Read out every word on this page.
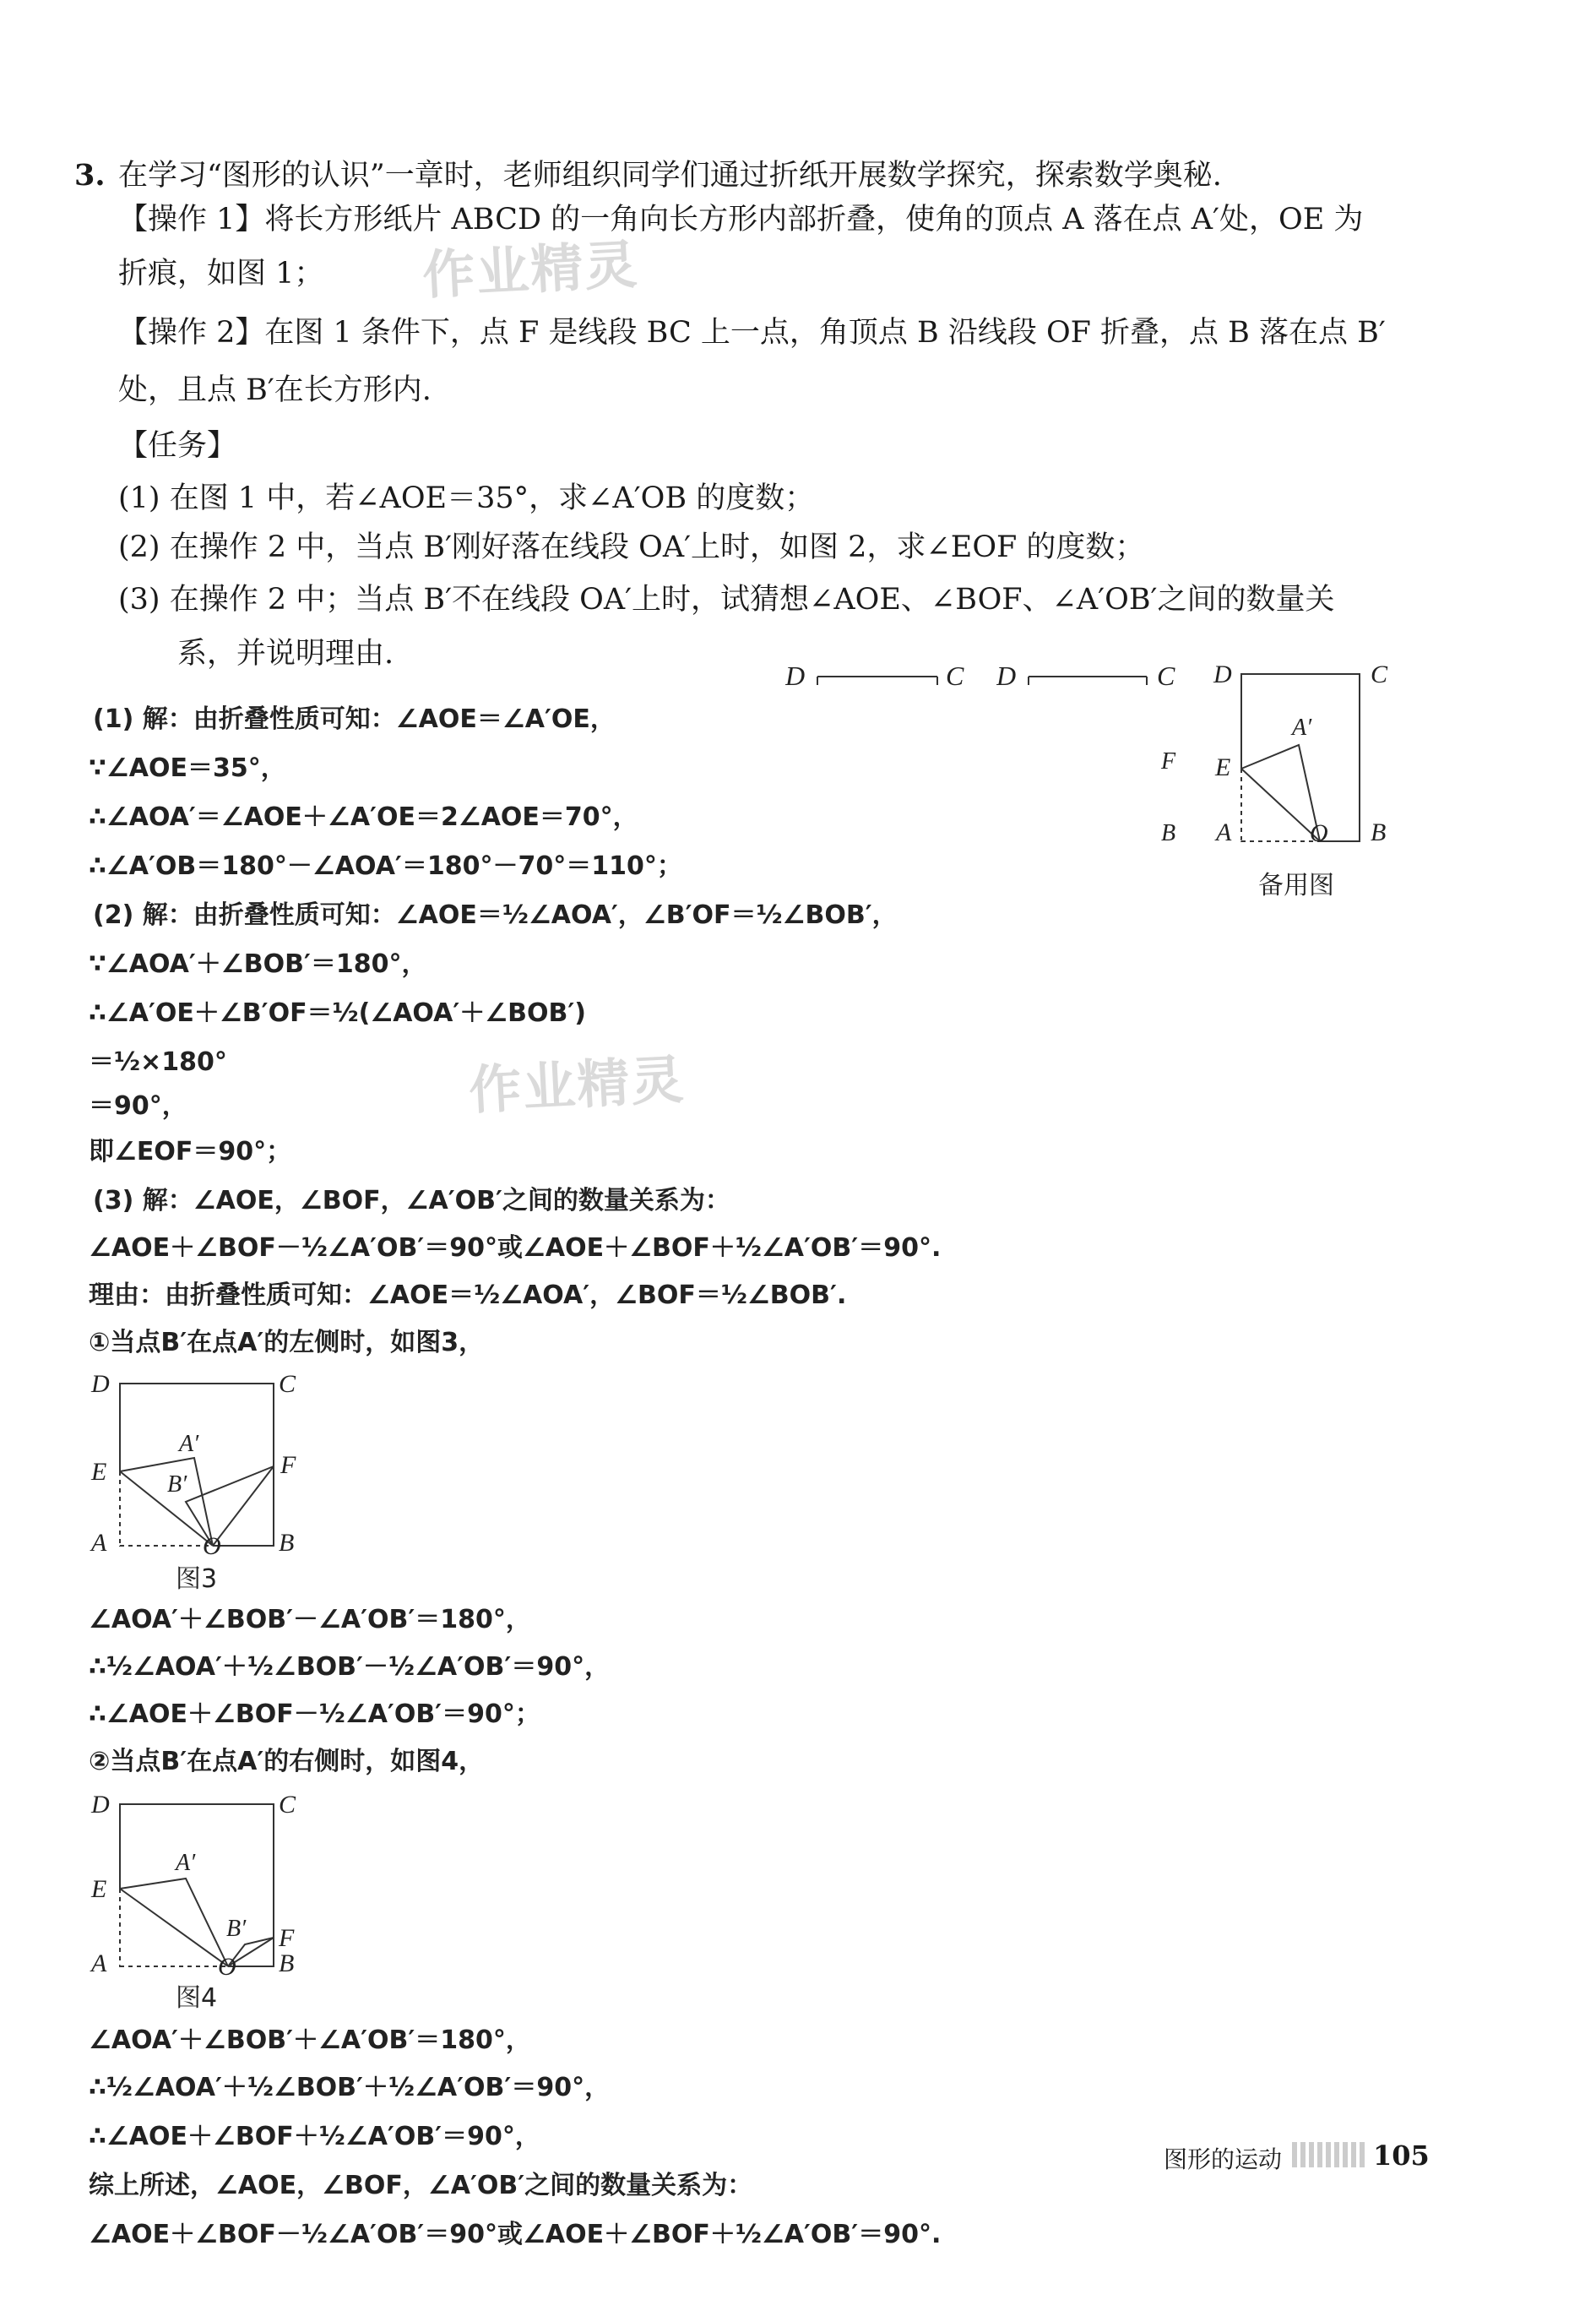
3. 在学习“图形的认识”一章时，老师组织同学们通过折纸开展数学探究，探索数学奥秘.
【操作 1】将长方形纸片 ABCD 的一角向长方形内部折叠，使角的顶点 A 落在点 A′处，OE 为
折痕，如图 1；
【操作 2】在图 1 条件下，点 F 是线段 BC 上一点，角顶点 B 沿线段 OF 折叠，点 B 落在点 B′
处，且点 B′在长方形内.
【任务】
(1) 在图 1 中，若∠AOE＝35°，求∠A′OB 的度数；
(2) 在操作 2 中，当点 B′刚好落在线段 OA′上时，如图 2，求∠EOF 的度数；
(3) 在操作 2 中；当点 B′不在线段 OA′上时，试猜想∠AOE、∠BOF、∠A′OB′之间的数量关
系，并说明理由.
作业精灵
作业精灵
D	C D	C D	C
A′
F E
B A	O B
备用图
(1) 解：由折叠性质可知：∠AOE＝∠A′OE，
∵∠AOE＝35°，
∴∠AOA′＝∠AOE＋∠A′OE＝2∠AOE＝70°，
∴∠A′OB＝180°－∠AOA′＝180°－70°＝110°；
(2) 解：由折叠性质可知：∠AOE＝½∠AOA′，∠B′OF＝½∠BOB′，
∵∠AOA′＋∠BOB′＝180°，
∴∠A′OE＋∠B′OF＝½(∠AOA′＋∠BOB′)
＝½×180°
＝90°，
即∠EOF＝90°；
(3) 解：∠AOE，∠BOF，∠A′OB′之间的数量关系为：
∠AOE＋∠BOF－½∠A′OB′＝90°或∠AOE＋∠BOF＋½∠A′OB′＝90°.
理由：由折叠性质可知：∠AOE＝½∠AOA′，∠BOF＝½∠BOB′.
①当点B′在点A′的左侧时，如图3，
D	C
A′
E	B′
F
A	O B
图3
∠AOA′＋∠BOB′－∠A′OB′＝180°，
∴½∠AOA′＋½∠BOB′－½∠A′OB′＝90°，
∴∠AOE＋∠BOF－½∠A′OB′＝90°；
②当点B′在点A′的右侧时，如图4，
D	C
A′
E
B′ F
A	O B
图4
∠AOA′＋∠BOB′＋∠A′OB′＝180°，
∴½∠AOA′＋½∠BOB′＋½∠A′OB′＝90°，
∴∠AOE＋∠BOF＋½∠A′OB′＝90°，
综上所述，∠AOE，∠BOF，∠A′OB′之间的数量关系为：
∠AOE＋∠BOF－½∠A′OB′＝90°或∠AOE＋∠BOF＋½∠A′OB′＝90°.
图形的运动	105
